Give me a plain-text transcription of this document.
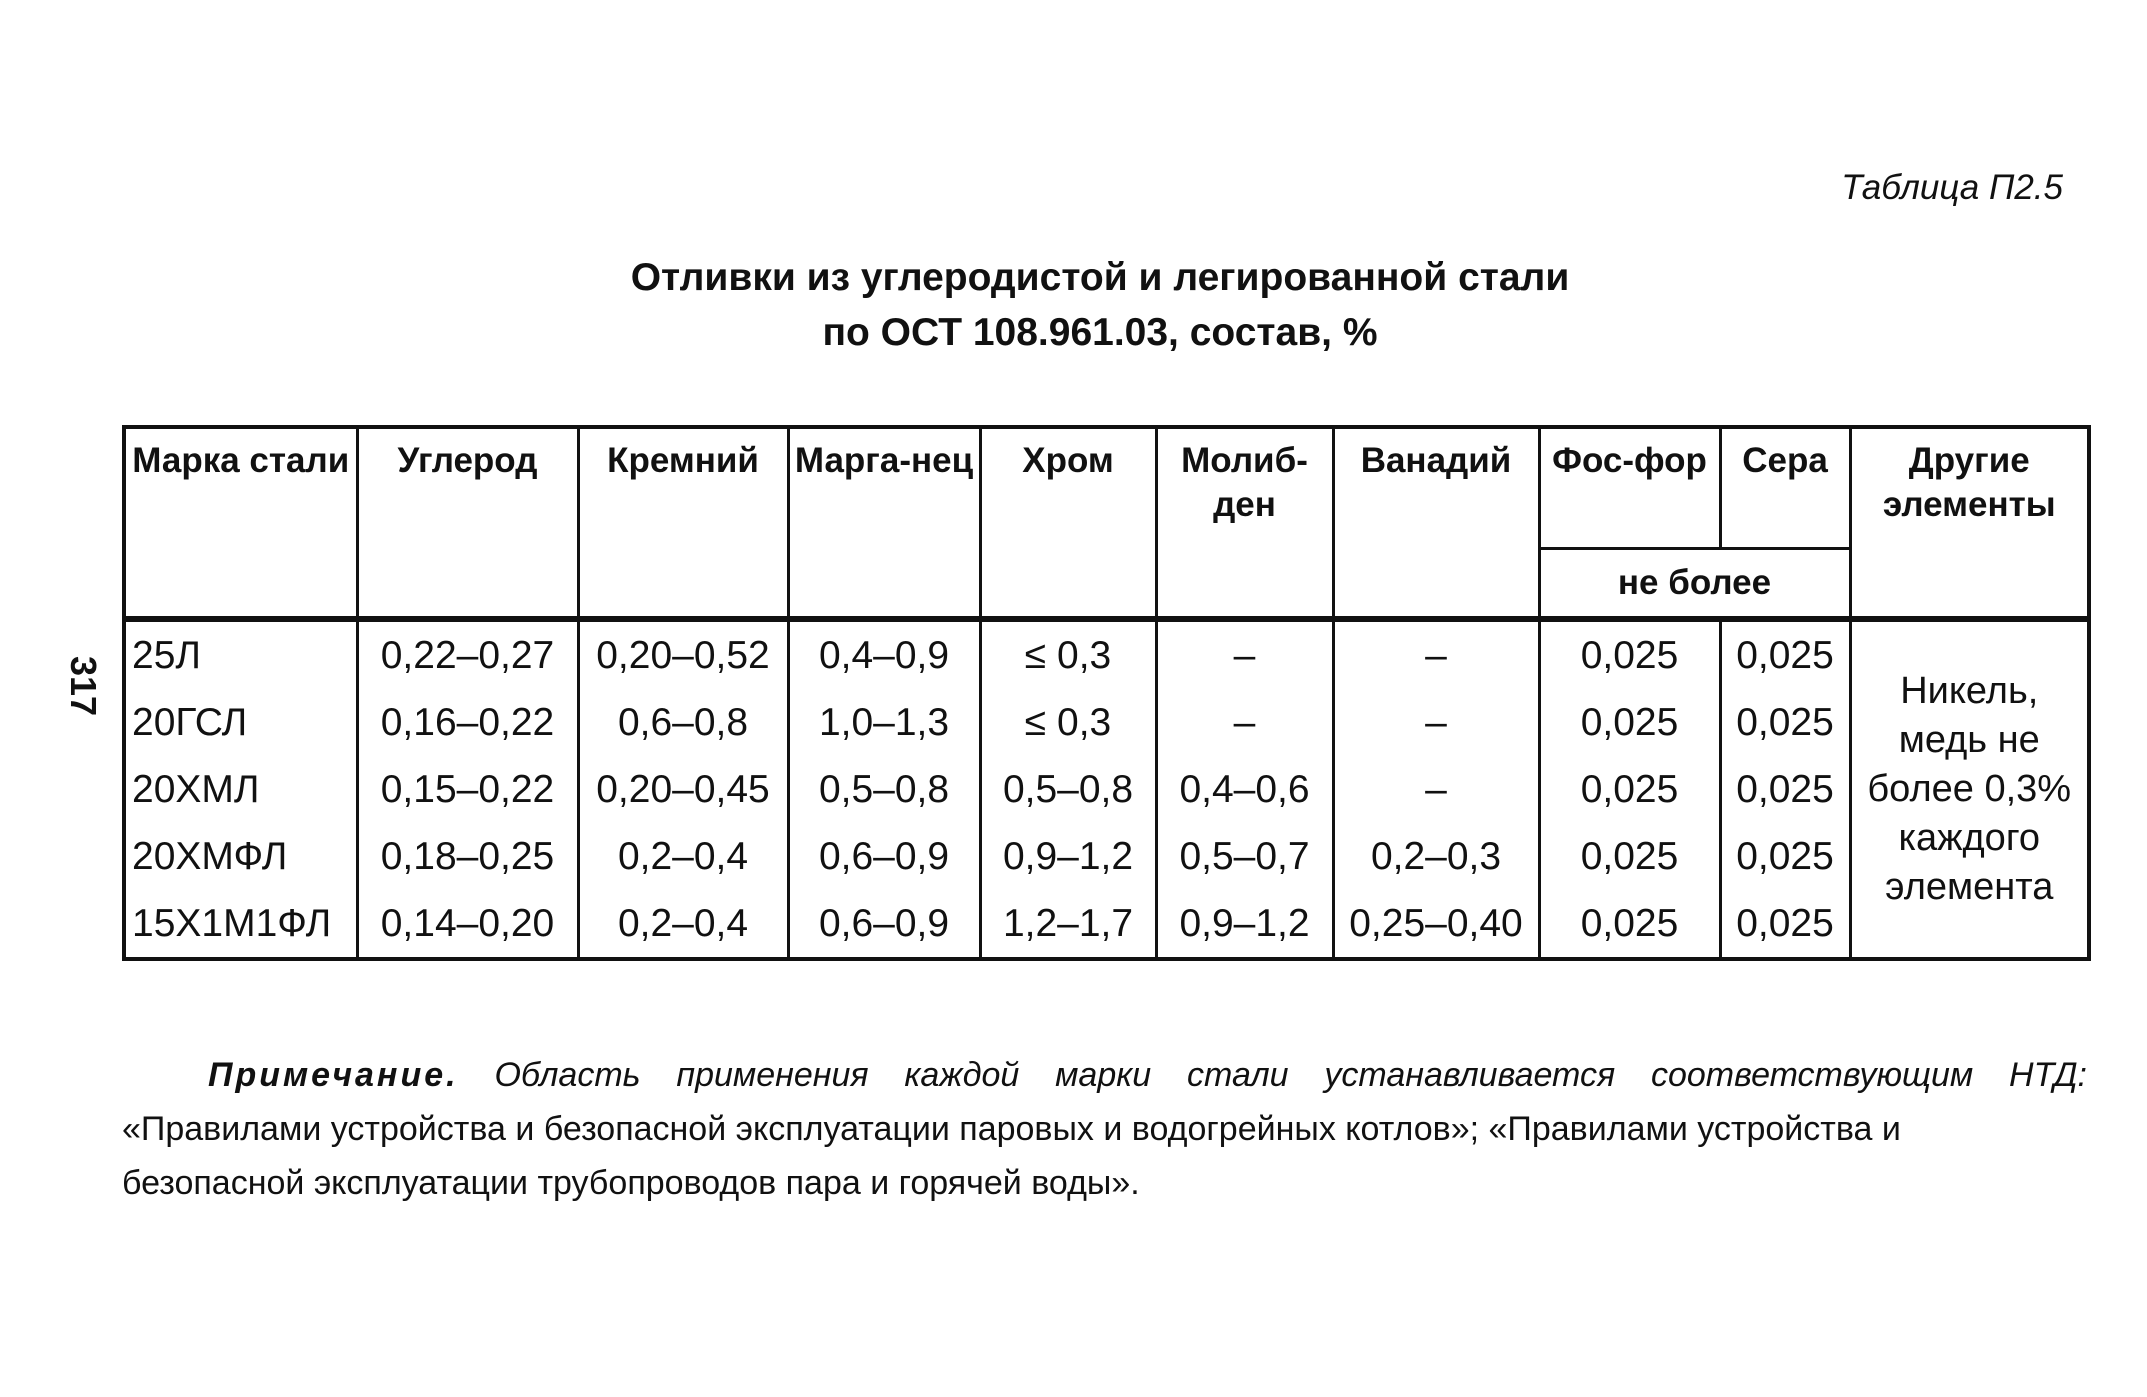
Таблица П2.5
Отливки из углеродистой и легированной стали
по ОСТ 108.961.03, состав, %
317
Марка стали	Углерод	Кремний	Марга-нец	Хром	Молиб-ден	Ванадий	Фос-фор	Сера	Другие элементы
							не более		
25Л	0,22–0,27	0,20–0,52	0,4–0,9	≤ 0,3	–	–	0,025	0,025	Никель, медь не более 0,3% каждого элемента
20ГСЛ	0,16–0,22	0,6–0,8	1,0–1,3	≤ 0,3	–	–	0,025	0,025	
20ХМЛ	0,15–0,22	0,20–0,45	0,5–0,8	0,5–0,8	0,4–0,6	–	0,025	0,025	
20ХМФЛ	0,18–0,25	0,2–0,4	0,6–0,9	0,9–1,2	0,5–0,7	0,2–0,3	0,025	0,025	
15Х1М1ФЛ	0,14–0,20	0,2–0,4	0,6–0,9	1,2–1,7	0,9–1,2	0,25–0,40	0,025	0,025	
Примечание. Область применения каждой марки стали устанавливается соответствующим НТД:
«Правилами устройства и безопасной эксплуатации паровых и водогрейных котлов»; «Правилами устройства и безопасной эксплуатации трубопроводов пара и горячей воды».
